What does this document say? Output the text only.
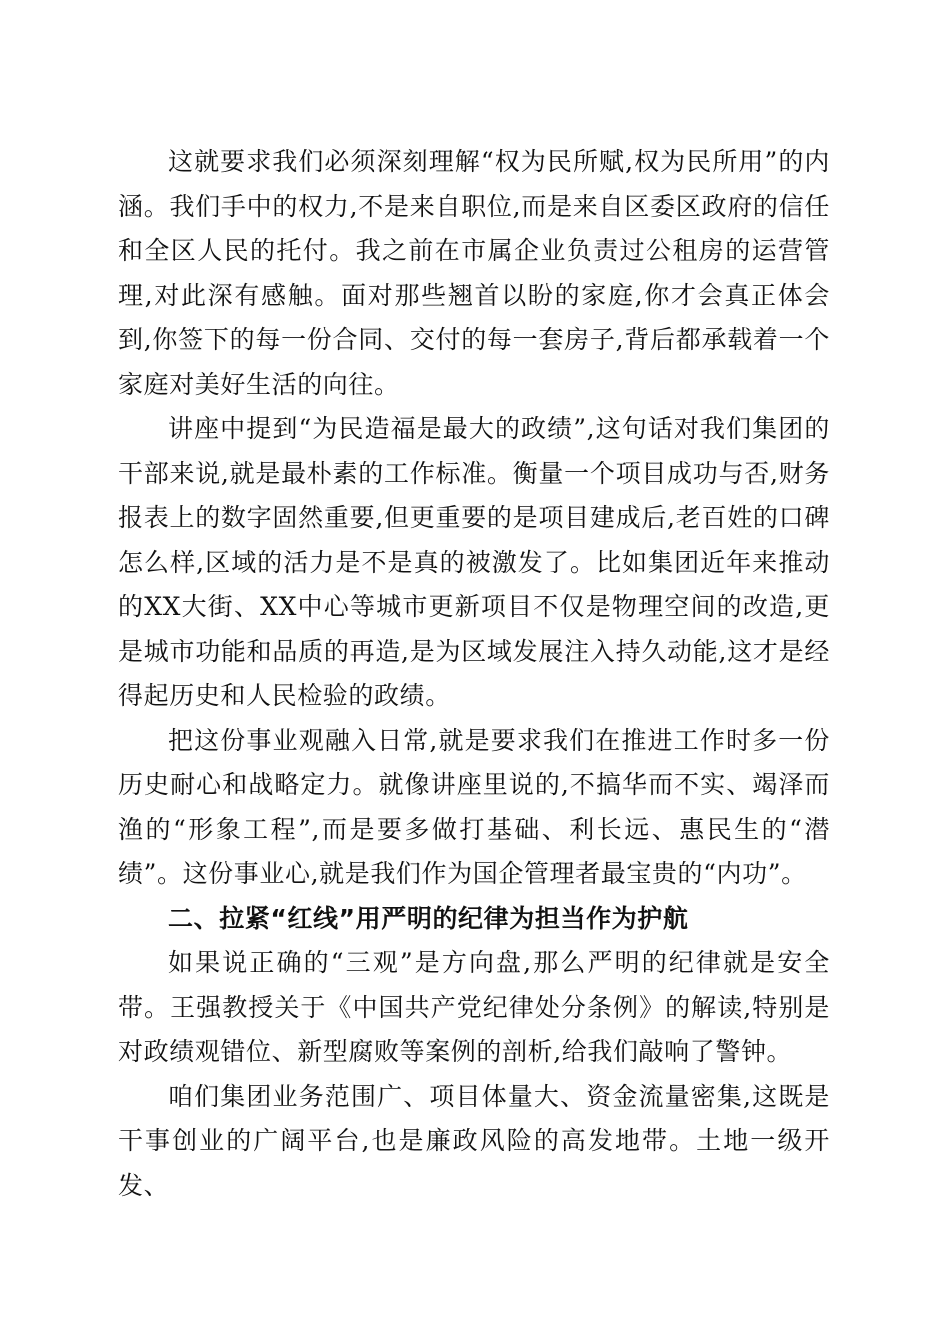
这就要求我们必须深刻理解“权为民所赋,权为民所用”的内涵。我们手中的权力,不是来自职位,而是来自区委区政府的信任和全区人民的托付。我之前在市属企业负责过公租房的运营管理,对此深有感触。面对那些翘首以盼的家庭,你才会真正体会到,你签下的每一份合同、交付的每一套房子,背后都承载着一个家庭对美好生活的向往。

讲座中提到“为民造福是最大的政绩”,这句话对我们集团的干部来说,就是最朴素的工作标准。衡量一个项目成功与否,财务报表上的数字固然重要,但更重要的是项目建成后,老百姓的口碑怎么样,区域的活力是不是真的被激发了。比如集团近年来推动的XX大街、XX中心等城市更新项目不仅是物理空间的改造,更是城市功能和品质的再造,是为区域发展注入持久动能,这才是经得起历史和人民检验的政绩。

把这份事业观融入日常,就是要求我们在推进工作时多一份历史耐心和战略定力。就像讲座里说的,不搞华而不实、竭泽而渔的“形象工程”,而是要多做打基础、利长远、惠民生的“潜绩”。这份事业心,就是我们作为国企管理者最宝贵的“内功”。

二、拉紧“红线”用严明的纪律为担当作为护航

如果说正确的“三观”是方向盘,那么严明的纪律就是安全带。王强教授关于《中国共产党纪律处分条例》的解读,特别是对政绩观错位、新型腐败等案例的剖析,给我们敲响了警钟。

咱们集团业务范围广、项目体量大、资金流量密集,这既是干事创业的广阔平台,也是廉政风险的高发地带。土地一级开发、
